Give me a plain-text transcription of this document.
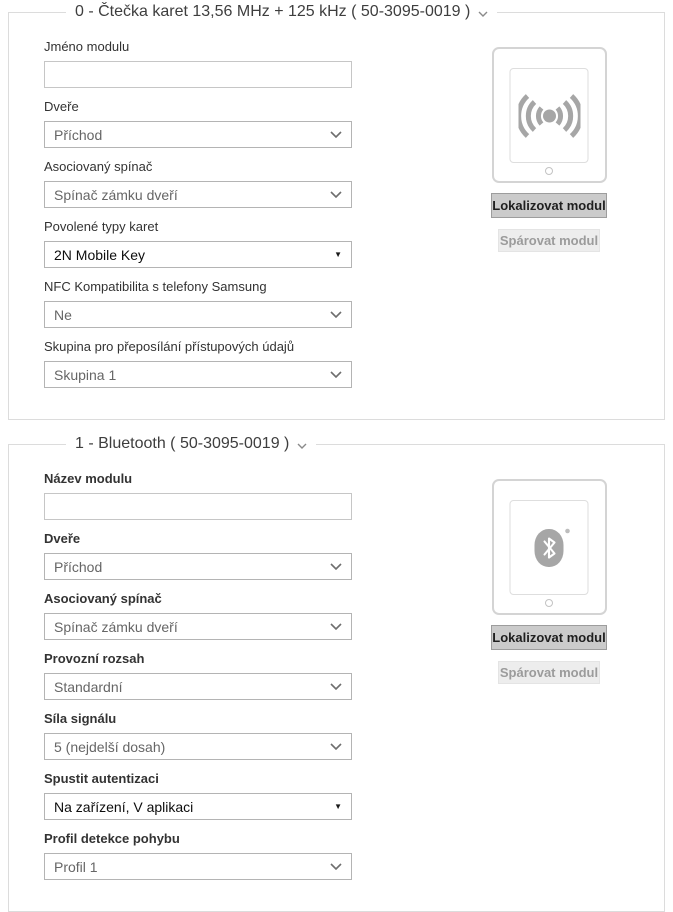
0 - Čtečka karet 13,56 MHz + 125 kHz ( 50-3095-0019 )
Jméno modulu
Dveře
Příchod
Asociovaný spínač
Spínač zámku dveří
Povolené typy karet
2N Mobile Key	▼
NFC Kompatibilita s telefony Samsung
Ne
Skupina pro přeposílání přístupových údajů
Skupina 1
Lokalizovat modul
Spárovat modul
1 - Bluetooth ( 50-3095-0019 )
Název modulu
Dveře
Příchod
Asociovaný spínač
Spínač zámku dveří
Provozní rozsah
Standardní
Síla signálu
5 (nejdelší dosah)
Spustit autentizaci
Na zařízení, V aplikaci	▼
Profil detekce pohybu
Profil 1
Lokalizovat modul
Spárovat modul
